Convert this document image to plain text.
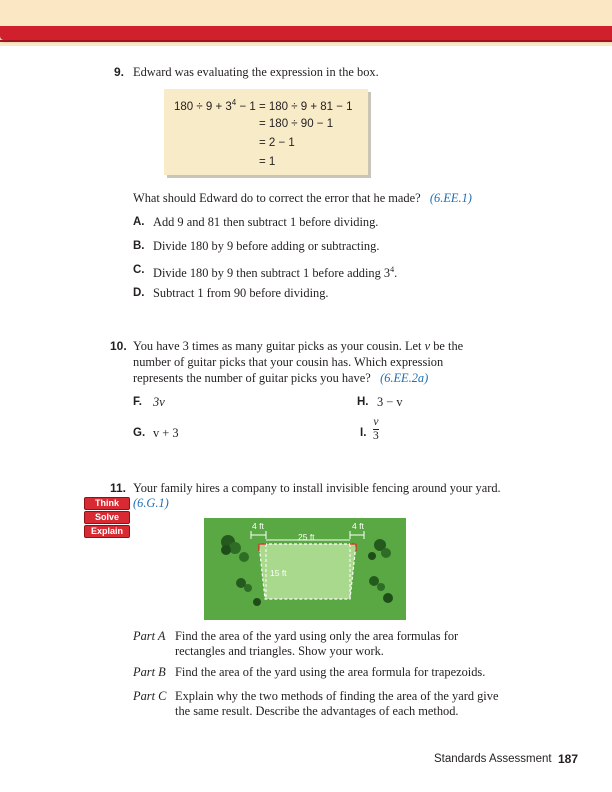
9. Edward was evaluating the expression in the box.
$180 \div 9 + 3^4 - 1 = 180 \div 9 + 81 - 1$
= 180 ÷ 90 − 1
= 2 − 1
= 1
What should Edward do to correct the error that he made? (6.EE.1)
A. Add 9 and 81 then subtract 1 before dividing.
B. Divide 180 by 9 before adding or subtracting.
C. Divide 180 by 9 then subtract 1 before adding $3^4$.
D. Subtract 1 from 90 before dividing.
10. You have 3 times as many guitar picks as your cousin. Let v be the
number of guitar picks that your cousin has. Which expression
represents the number of guitar picks you have? (6.EE.2a)
F. 3v	H. 3 − v
G. v + 3	I. $\frac{v}{3}$
11. Your family hires a company to install invisible fencing around your yard.
(6.G.1)
Think
Solve
Explain	4 ft	4 ft
25 ft
15 ft
Part A Find the area of the yard using only the area formulas for
rectangles and triangles. Show your work.
Part B Find the area of the yard using the area formula for trapezoids.
Part C Explain why the two methods of finding the area of the yard give
the same result. Describe the advantages of each method.
Standards Assessment 187
